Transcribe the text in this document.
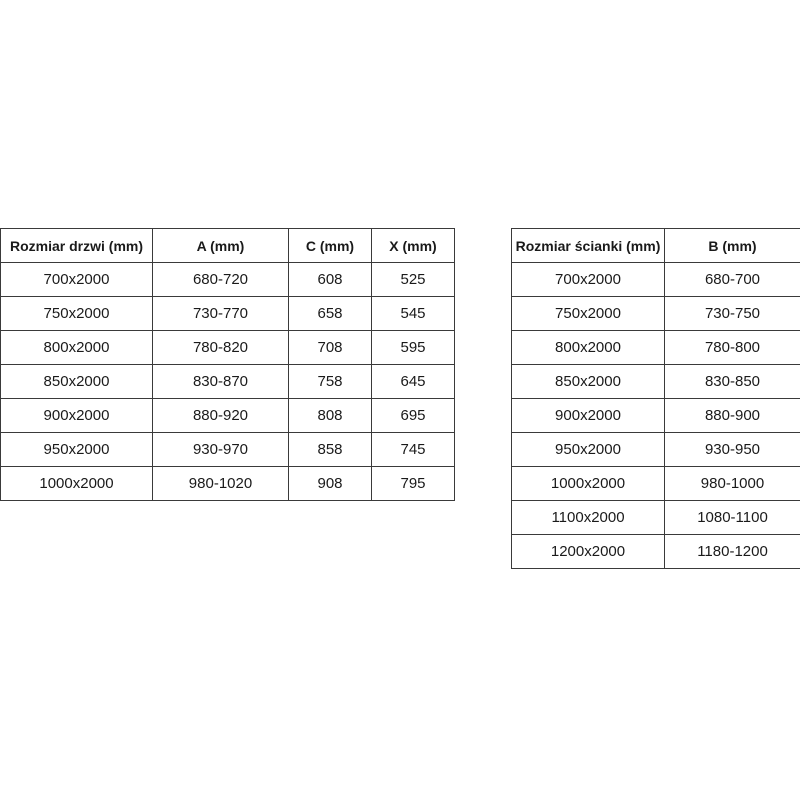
Rozmiar drzwi (mm)	A (mm)	C (mm)	X (mm)
700x2000	680-720	608	525
750x2000	730-770	658	545
800x2000	780-820	708	595
850x2000	830-870	758	645
900x2000	880-920	808	695
950x2000	930-970	858	745
1000x2000	980-1020	908	795
Rozmiar ścianki (mm)	B (mm)
700x2000	680-700
750x2000	730-750
800x2000	780-800
850x2000	830-850
900x2000	880-900
950x2000	930-950
1000x2000	980-1000
1100x2000	1080-1100
1200x2000	1180-1200
